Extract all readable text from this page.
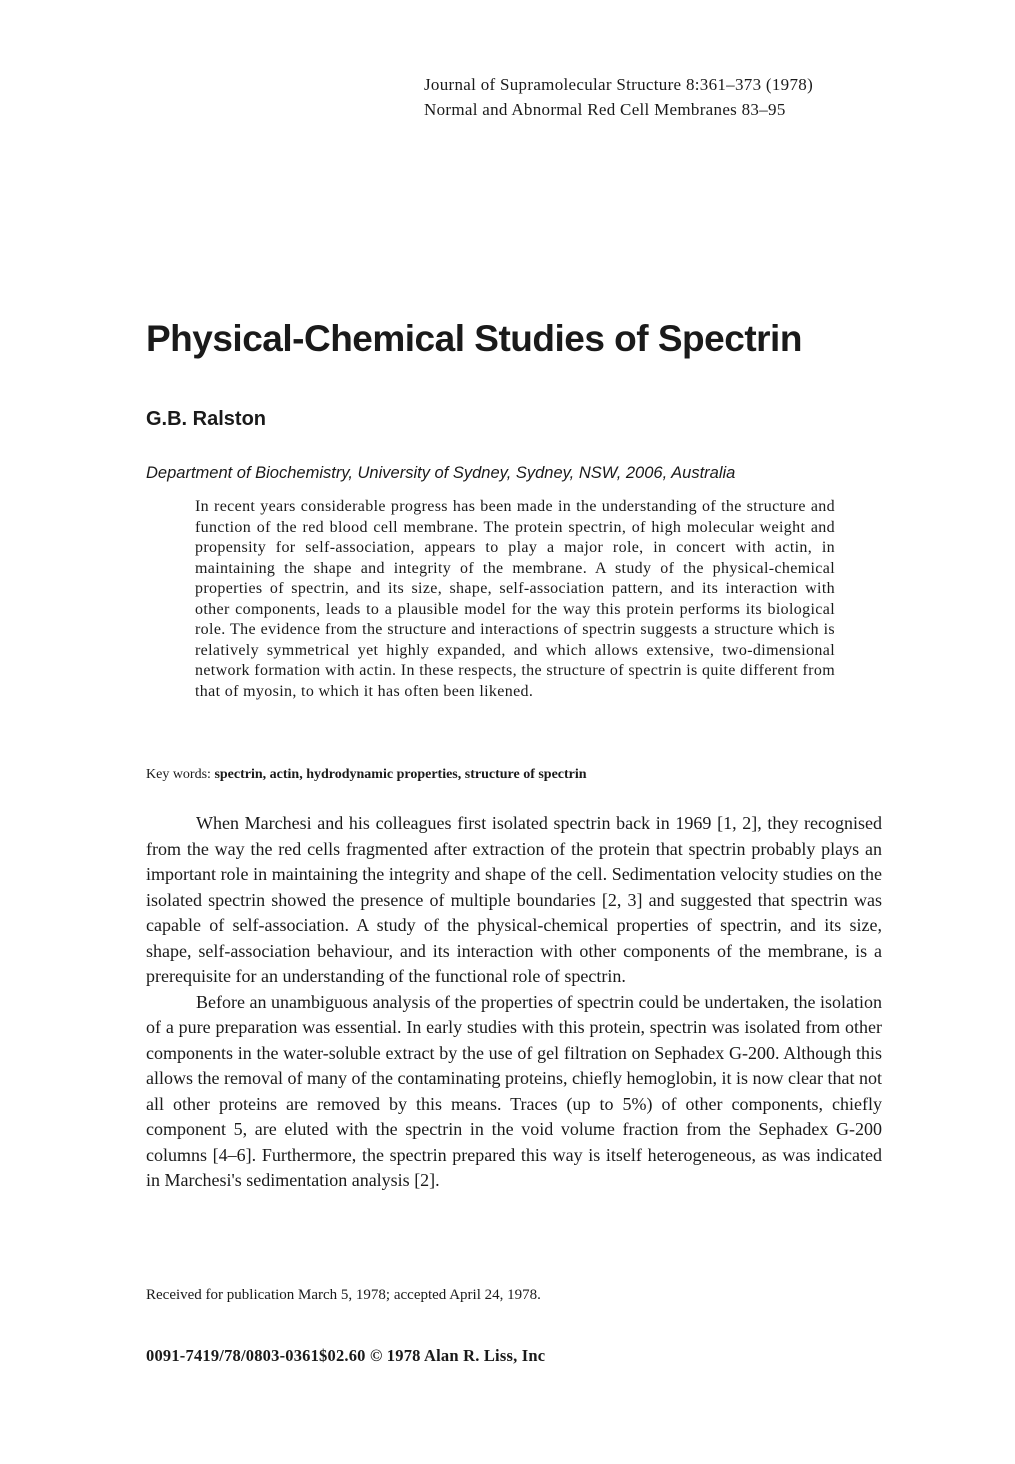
Journal of Supramolecular Structure 8:361–373 (1978)
Normal and Abnormal Red Cell Membranes 83–95
Physical-Chemical Studies of Spectrin
G.B. Ralston
Department of Biochemistry, University of Sydney, Sydney, NSW, 2006, Australia

In recent years considerable progress has been made in the understanding of the structure and function of the red blood cell membrane. The protein spectrin, of high molecular weight and propensity for self-association, appears to play a major role, in concert with actin, in maintaining the shape and integrity of the membrane. A study of the physical-chemical properties of spectrin, and its size, shape, self-association pattern, and its interaction with other components, leads to a plausible model for the way this protein performs its biological role. The evidence from the structure and interactions of spectrin suggests a structure which is relatively symmetrical yet highly expanded, and which allows extensive, two-dimensional network formation with actin. In these respects, the structure of spectrin is quite different from that of myosin, to which it has often been likened.

Key words: spectrin, actin, hydrodynamic properties, structure of spectrin

When Marchesi and his colleagues first isolated spectrin back in 1969 [1, 2], they recognised from the way the red cells fragmented after extraction of the protein that spectrin probably plays an important role in maintaining the integrity and shape of the cell. Sedimentation velocity studies on the isolated spectrin showed the presence of multiple boundaries [2, 3] and suggested that spectrin was capable of self-association. A study of the physical-chemical properties of spectrin, and its size, shape, self-association behaviour, and its interaction with other components of the membrane, is a prerequisite for an understanding of the functional role of spectrin.

Before an unambiguous analysis of the properties of spectrin could be undertaken, the isolation of a pure preparation was essential. In early studies with this protein, spectrin was isolated from other components in the water-soluble extract by the use of gel filtration on Sephadex G-200. Although this allows the removal of many of the contaminating proteins, chiefly hemoglobin, it is now clear that not all other proteins are removed by this means. Traces (up to 5%) of other components, chiefly component 5, are eluted with the spectrin in the void volume fraction from the Sephadex G-200 columns [4–6]. Furthermore, the spectrin prepared this way is itself heterogeneous, as was indicated in Marchesi's sedimentation analysis [2].

Received for publication March 5, 1978; accepted April 24, 1978.
0091-7419/78/0803-0361$02.60 © 1978 Alan R. Liss, Inc
